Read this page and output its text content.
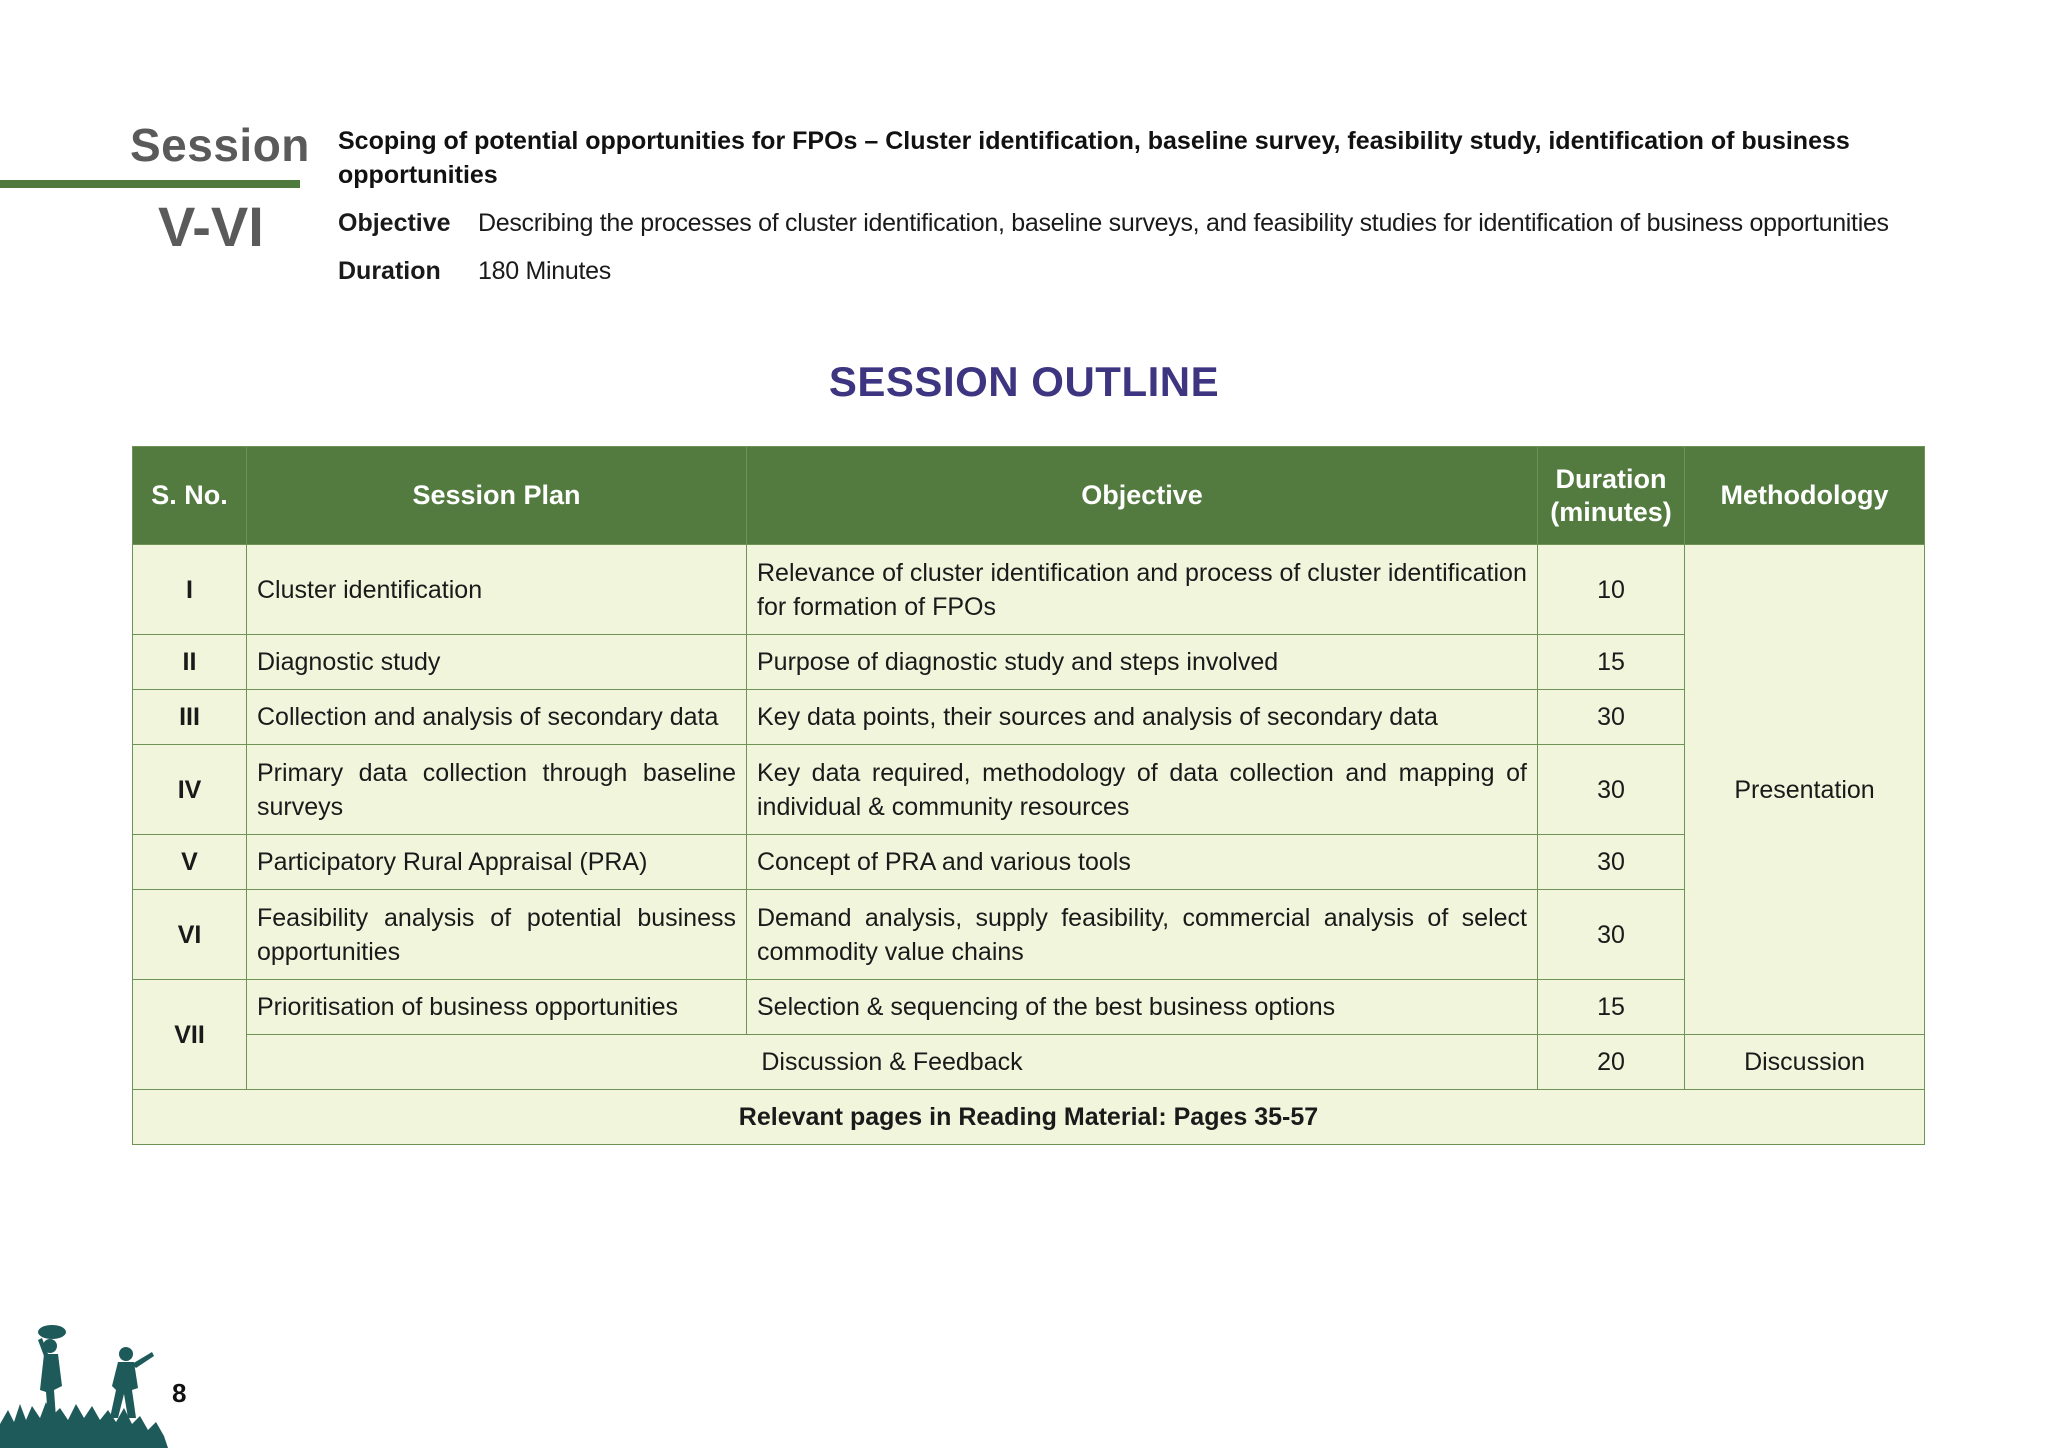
Session
V-VI
Scoping of potential opportunities for FPOs – Cluster identification, baseline survey, feasibility study, identification of business opportunities
Objective	Describing the processes of cluster identification, baseline surveys, and feasibility studies for identification of business opportunities
Duration	180 Minutes
SESSION OUTLINE
S. No.	Session Plan	Objective	Duration (minutes)	Methodology
I	Cluster identification	Relevance of cluster identification and process of cluster identification for formation of FPOs	10	Presentation
II	Diagnostic study	Purpose of diagnostic study and steps involved	15	
III	Collection and analysis of secondary data	Key data points, their sources and analysis of secondary data	30	
IV	Primary data collection through baseline surveys	Key data required, methodology of data collection and mapping of individual & community resources	30	
V	Participatory Rural Appraisal (PRA)	Concept of PRA and various tools	30	
VI	Feasibility analysis of potential business opportunities	Demand analysis, supply feasibility, commercial analysis of select commodity value chains	30	
VII	Prioritisation of business opportunities	Selection & sequencing of the best business options	15	
	Discussion & Feedback		20	Discussion
Relevant pages in Reading Material: Pages 35-57				
8
